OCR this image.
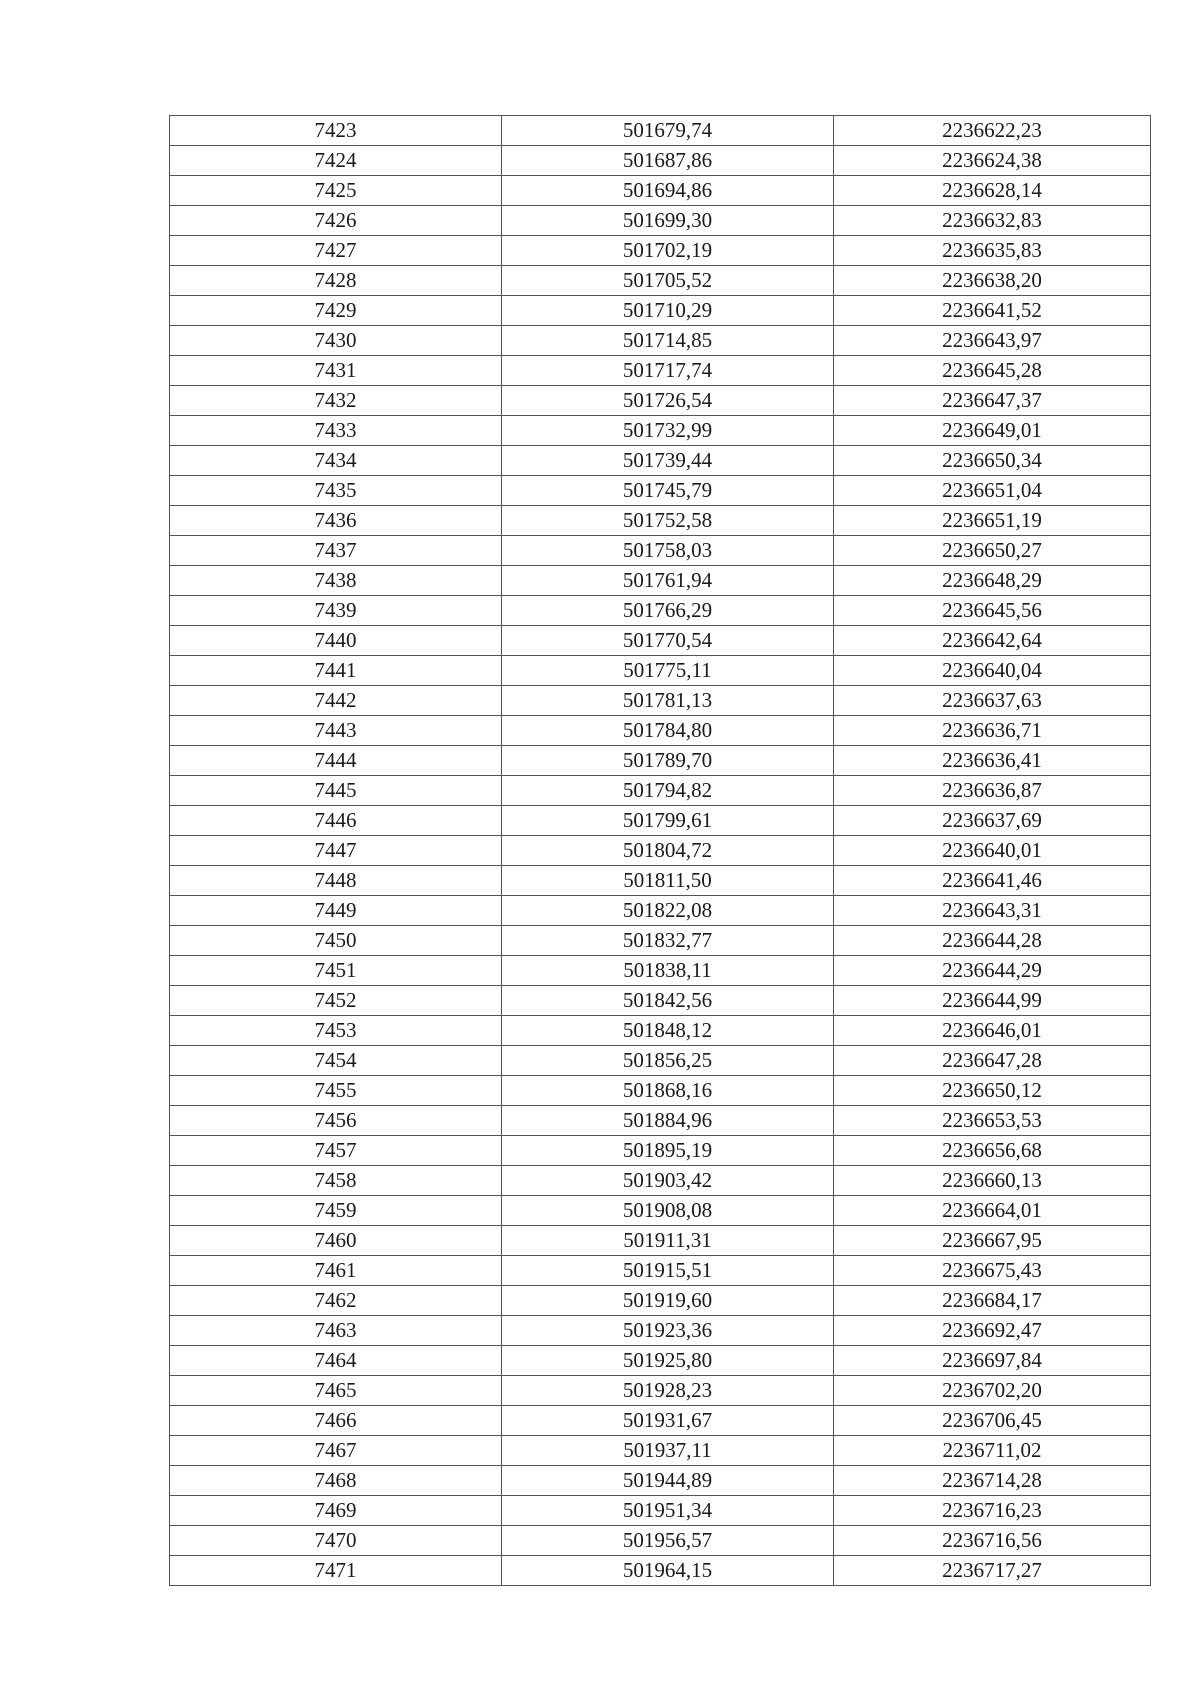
7423	501679,74	2236622,23
7424	501687,86	2236624,38
7425	501694,86	2236628,14
7426	501699,30	2236632,83
7427	501702,19	2236635,83
7428	501705,52	2236638,20
7429	501710,29	2236641,52
7430	501714,85	2236643,97
7431	501717,74	2236645,28
7432	501726,54	2236647,37
7433	501732,99	2236649,01
7434	501739,44	2236650,34
7435	501745,79	2236651,04
7436	501752,58	2236651,19
7437	501758,03	2236650,27
7438	501761,94	2236648,29
7439	501766,29	2236645,56
7440	501770,54	2236642,64
7441	501775,11	2236640,04
7442	501781,13	2236637,63
7443	501784,80	2236636,71
7444	501789,70	2236636,41
7445	501794,82	2236636,87
7446	501799,61	2236637,69
7447	501804,72	2236640,01
7448	501811,50	2236641,46
7449	501822,08	2236643,31
7450	501832,77	2236644,28
7451	501838,11	2236644,29
7452	501842,56	2236644,99
7453	501848,12	2236646,01
7454	501856,25	2236647,28
7455	501868,16	2236650,12
7456	501884,96	2236653,53
7457	501895,19	2236656,68
7458	501903,42	2236660,13
7459	501908,08	2236664,01
7460	501911,31	2236667,95
7461	501915,51	2236675,43
7462	501919,60	2236684,17
7463	501923,36	2236692,47
7464	501925,80	2236697,84
7465	501928,23	2236702,20
7466	501931,67	2236706,45
7467	501937,11	2236711,02
7468	501944,89	2236714,28
7469	501951,34	2236716,23
7470	501956,57	2236716,56
7471	501964,15	2236717,27
